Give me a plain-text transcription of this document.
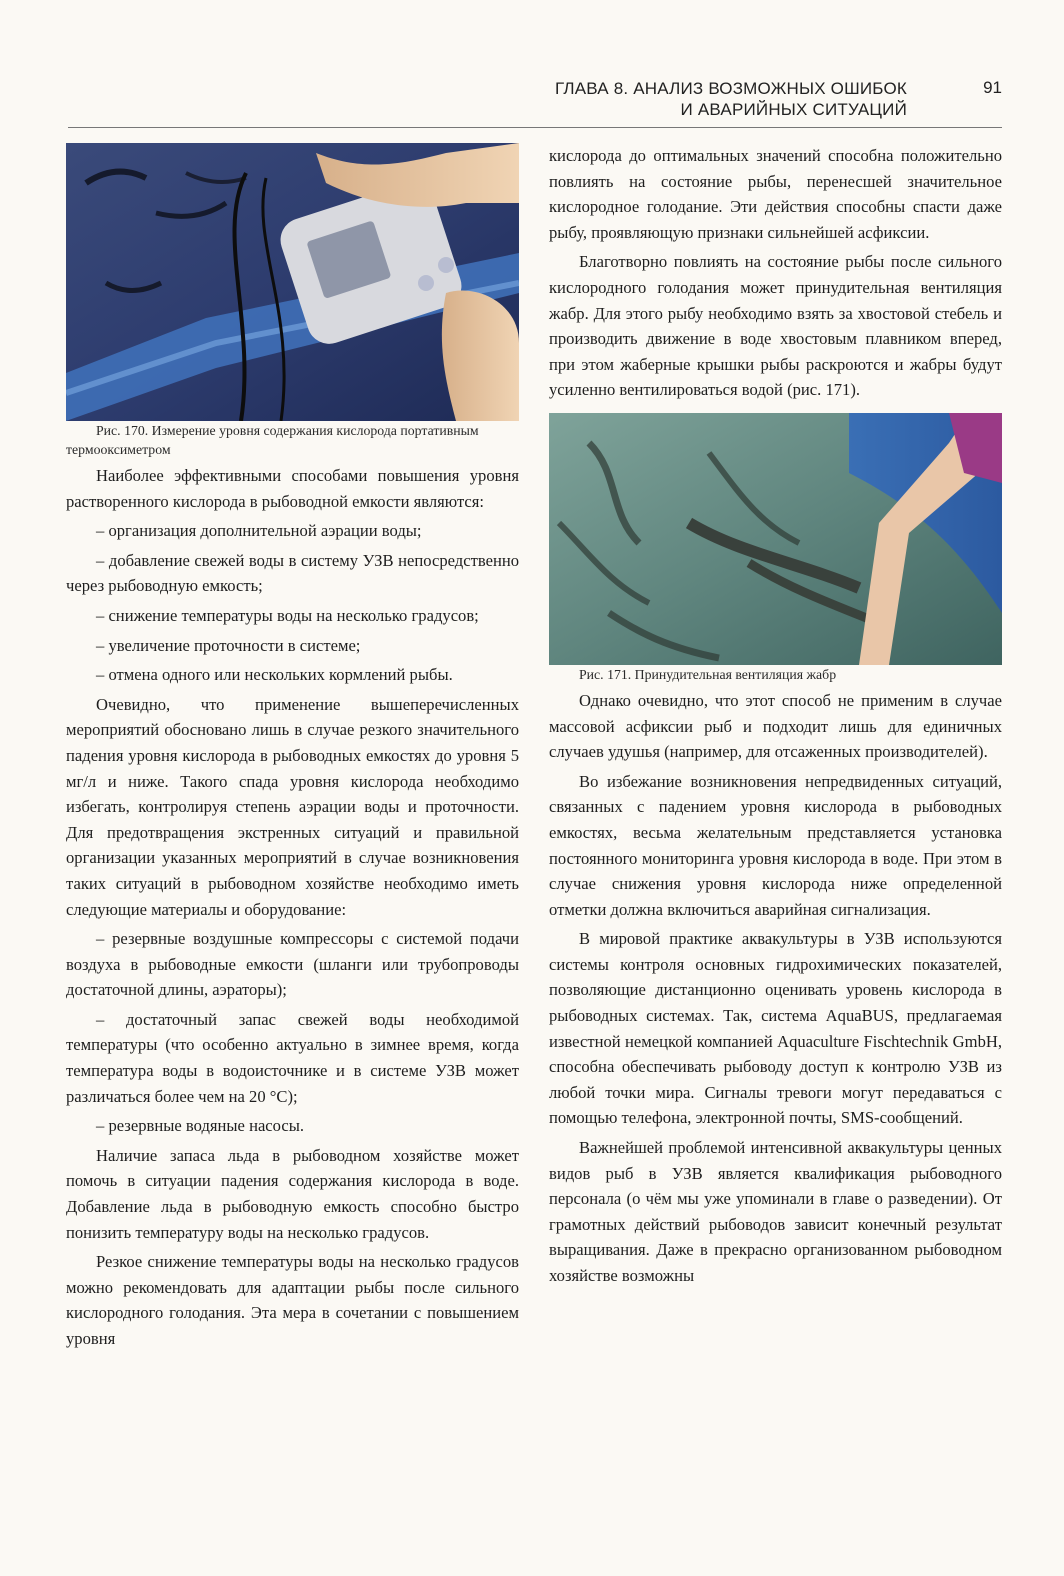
ГЛАВА 8. АНАЛИЗ ВОЗМОЖНЫХ ОШИБОК
И АВАРИЙНЫХ СИТУАЦИЙ
91

Рис. 170. Измерение уровня содержания кислорода портативным термооксиметром

Наиболее эффективными способами повышения уровня растворенного кислорода в рыбоводной емкости являются:

– организация дополнительной аэрации воды;

– добавление свежей воды в систему УЗВ непосредственно через рыбоводную емкость;

– снижение температуры воды на несколько градусов;

– увеличение проточности в системе;

– отмена одного или нескольких кормлений рыбы.

Очевидно, что применение вышеперечисленных мероприятий обосновано лишь в случае резкого значительного падения уровня кислорода в рыбоводных емкостях до уровня 5 мг/л и ниже. Такого спада уровня кислорода необходимо избегать, контролируя степень аэрации воды и проточности. Для предотвращения экстренных ситуаций и правильной организации указанных мероприятий в случае возникновения таких ситуаций в рыбоводном хозяйстве необходимо иметь следующие материалы и оборудование:

– резервные воздушные компрессоры с системой подачи воздуха в рыбоводные емкости (шланги или трубопроводы достаточной длины, аэраторы);

– достаточный запас свежей воды необходимой температуры (что особенно актуально в зимнее время, когда температура воды в водоисточнике и в системе УЗВ может различаться более чем на 20 °С);

– резервные водяные насосы.

Наличие запаса льда в рыбоводном хозяйстве может помочь в ситуации падения содержания кислорода в воде. Добавление льда в рыбоводную емкость способно быстро понизить температуру воды на несколько градусов.

Резкое снижение температуры воды на несколько градусов можно рекомендовать для адаптации рыбы после сильного кислородного голодания. Эта мера в сочетании с повышением уровня

кислорода до оптимальных значений способна положительно повлиять на состояние рыбы, перенесшей значительное кислородное голодание. Эти действия способны спасти даже рыбу, проявляющую признаки сильнейшей асфиксии.

Благотворно повлиять на состояние рыбы после сильного кислородного голодания может принудительная вентиляция жабр. Для этого рыбу необходимо взять за хвостовой стебель и производить движение в воде хвостовым плавником вперед, при этом жаберные крышки рыбы раскроются и жабры будут усиленно вентилироваться водой (рис. 171).

Рис. 171. Принудительная вентиляция жабр

Однако очевидно, что этот способ не применим в случае массовой асфиксии рыб и подходит лишь для единичных случаев удушья (например, для отсаженных производителей).

Во избежание возникновения непредвиденных ситуаций, связанных с падением уровня кислорода в рыбоводных емкостях, весьма желательным представляется установка постоянного мониторинга уровня кислорода в воде. При этом в случае снижения уровня кислорода ниже определенной отметки должна включиться аварийная сигнализация.

В мировой практике аквакультуры в УЗВ используются системы контроля основных гидрохимических показателей, позволяющие дистанционно оценивать уровень кислорода в рыбоводных системах. Так, система AquaBUS, предлагаемая известной немецкой компанией Aquaculture Fischtechnik GmbH, способна обеспечивать рыбоводу доступ к контролю УЗВ из любой точки мира. Сигналы тревоги могут передаваться с помощью телефона, электронной почты, SMS-сообщений.

Важнейшей проблемой интенсивной аквакультуры ценных видов рыб в УЗВ является квалификация рыбоводного персонала (о чём мы уже упоминали в главе о разведении). От грамотных действий рыбоводов зависит конечный результат выращивания. Даже в прекрасно организованном рыбоводном хозяйстве возможны
